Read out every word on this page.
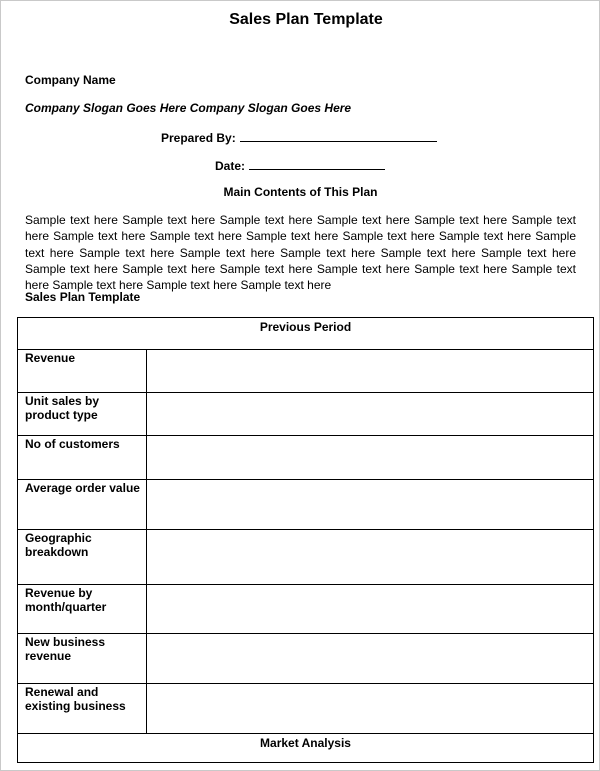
Sales Plan Template
Company Name
Company Slogan Goes Here Company Slogan Goes Here
Prepared By:
Date:
Main Contents of This Plan
Sample text here Sample text here Sample text here Sample text here Sample text here Sample text here Sample text here Sample text here Sample text here Sample text here Sample text here Sample text here Sample text here Sample text here Sample text here Sample text here Sample text here Sample text here Sample text here Sample text here Sample text here Sample text here Sample text here Sample text here Sample text here Sample text here
Sales Plan Template
Previous Period	
Revenue	
Unit sales by product type	
No of customers	
Average order value	
Geographic breakdown	
Revenue by month/quarter	
New business revenue	
Renewal and existing business	
Market Analysis	
